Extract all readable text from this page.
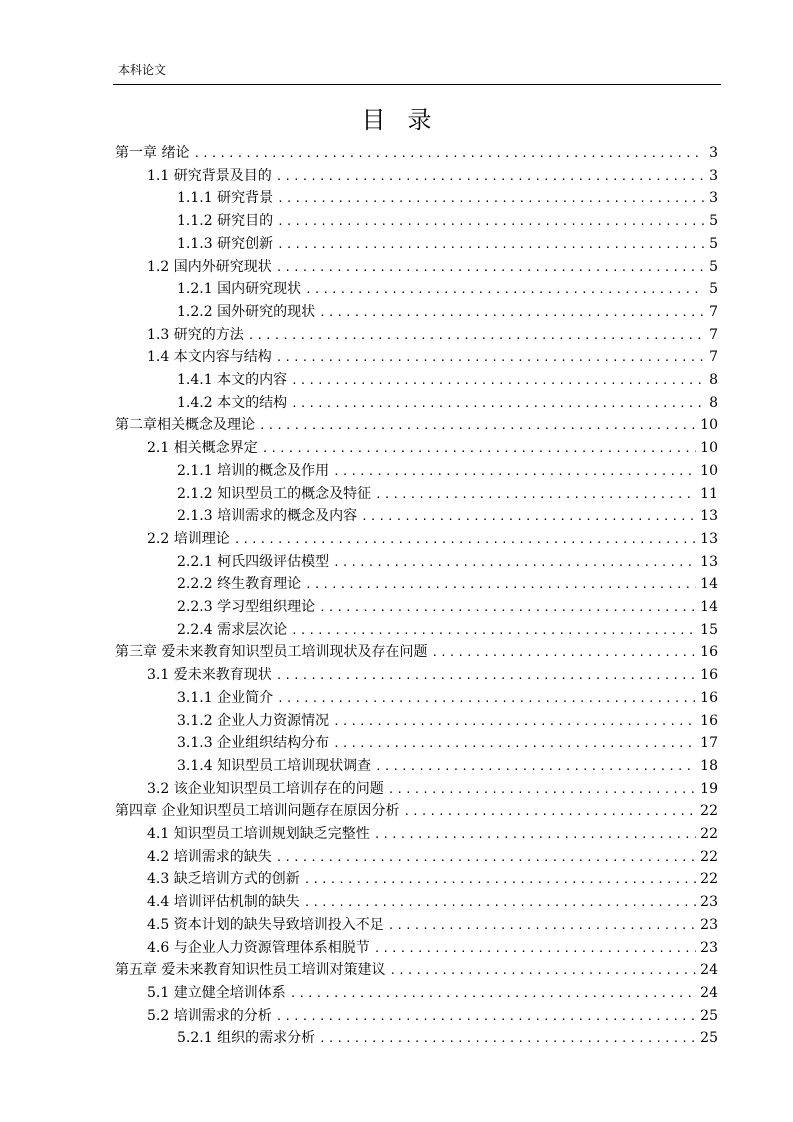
本科论文
目 录
第一章 绪论 .....	3
1.1 研究背景及目的 .....	3
1.1.1 研究背景 .....	3
1.1.2 研究目的 .....	5
1.1.3 研究创新 .....	5
1.2 国内外研究现状 .....	5
1.2.1 国内研究现状 .....	5
1.2.2 国外研究的现状 .....	7
1.3 研究的方法 .....	7
1.4 本文内容与结构 .....	7
1.4.1 本文的内容 .....	8
1.4.2 本文的结构 .....	8
第二章相关概念及理论 .....	10
2.1 相关概念界定 .....	10
2.1.1 培训的概念及作用 .....	10
2.1.2 知识型员工的概念及特征 .....	11
2.1.3 培训需求的概念及内容 .....	13
2.2 培训理论 .....	13
2.2.1 柯氏四级评估模型 .....	13
2.2.2 终生教育理论 .....	14
2.2.3 学习型组织理论 .....	14
2.2.4 需求层次论 .....	15
第三章 爱未来教育知识型员工培训现状及存在问题 .....	16
3.1 爱未来教育现状 .....	16
3.1.1 企业简介 .....	16
3.1.2 企业人力资源情况 .....	16
3.1.3 企业组织结构分布 .....	17
3.1.4 知识型员工培训现状调查 .....	18
3.2 该企业知识型员工培训存在的问题 .....	19
第四章 企业知识型员工培训问题存在原因分析 .....	22
4.1 知识型员工培训规划缺乏完整性 .....	22
4.2 培训需求的缺失 .....	22
4.3 缺乏培训方式的创新 .....	22
4.4 培训评估机制的缺失 .....	23
4.5 资本计划的缺失导致培训投入不足 .....	23
4.6 与企业人力资源管理体系相脱节 .....	23
第五章 爱未来教育知识性员工培训对策建议 .....	24
5.1 建立健全培训体系 .....	24
5.2 培训需求的分析 .....	25
5.2.1 组织的需求分析 .....	25
